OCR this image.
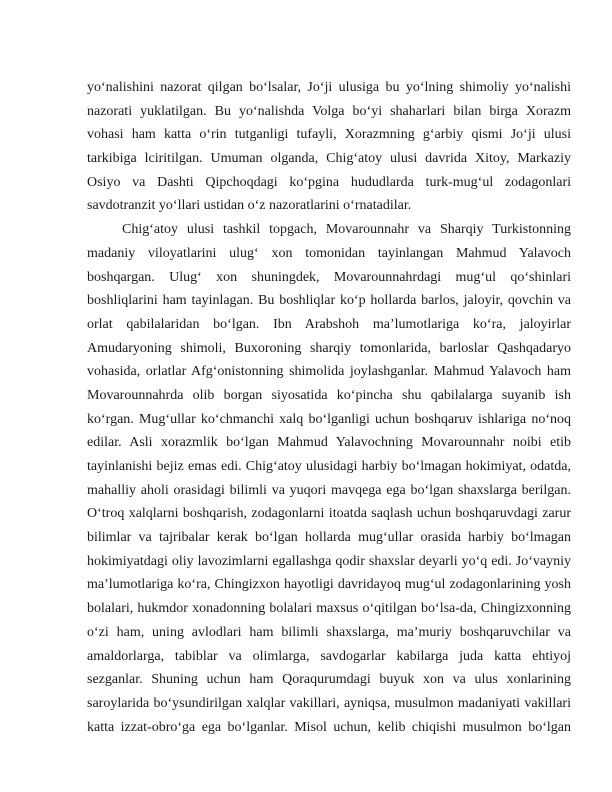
yo‘nalishini nazorat qilgan bo‘lsalar, Jo‘ji ulusiga bu yo‘lning shimoliy yo‘nalishi
nazorati yuklatilgan. Bu yo‘nalishda Volga bo‘yi shaharlari bilan birga Xorazm
vohasi ham katta o‘rin tutganligi tufayli, Xorazmning g‘arbiy qismi Jo‘ji ulusi
tarkibiga lciritilgan. Umuman olganda, Chig‘atoy ulusi davrida Xitoy, Markaziy
Osiyo va Dashti Qipchoqdagi ko‘pgina hududlarda turk-mug‘ul zodagonlari
savdotranzit yo‘llari ustidan o‘z nazoratlarini o‘rnatadilar.
Chig‘atoy ulusi tashkil topgach, Movarounnahr va Sharqiy Turkistonning
madaniy viloyatlarini ulug‘ xon tomonidan tayinlangan Mahmud Yalavoch
boshqargan. Ulug‘ xon shuningdek, Movarounnahrdagi mug‘ul qo‘shinlari
boshliqlarini ham tayinlagan. Bu boshliqlar ko‘p hollarda barlos, jaloyir, qovchin va
orlat qabilalaridan bo‘lgan. Ibn Arabshoh ma’lumotlariga ko‘ra, jaloyirlar
Amudaryoning shimoli, Buxoroning sharqiy tomonlarida, barloslar Qashqadaryo
vohasida, orlatlar Afg‘onistonning shimolida joylashganlar. Mahmud Yalavoch ham
Movarounnahrda olib borgan siyosatida ko‘pincha shu qabilalarga suyanib ish
ko‘rgan. Mug‘ullar ko‘chmanchi xalq bo‘lganligi uchun boshqaruv ishlariga no‘noq
edilar. Asli xorazmlik bo‘lgan Mahmud Yalavochning Movarounnahr noibi etib
tayinlanishi bejiz emas edi. Chig‘atoy ulusidagi harbiy bo‘lmagan hokimiyat, odatda,
mahalliy aholi orasidagi bilimli va yuqori mavqega ega bo‘lgan shaxslarga berilgan.
O‘troq xalqlarni boshqarish, zodagonlarni itoatda saqlash uchun boshqaruvdagi zarur
bilimlar va tajribalar kerak bo‘lgan hollarda mug‘ullar orasida harbiy bo‘lmagan
hokimiyatdagi oliy lavozimlarni egallashga qodir shaxslar deyarli yo‘q edi. Jo‘vayniy
ma’lumotlariga ko‘ra, Chingizxon hayotligi davridayoq mug‘ul zodagonlarining yosh
bolalari, hukmdor xonadonning bolalari maxsus o‘qitilgan bo‘lsa-da, Chingizxonning
o‘zi ham, uning avlodlari ham bilimli shaxslarga, ma’muriy boshqaruvchilar va
amaldorlarga, tabiblar va olimlarga, savdogarlar kabilarga juda katta ehtiyoj
sezganlar. Shuning uchun ham Qoraqurumdagi buyuk xon va ulus xonlarining
saroylarida bo‘ysundirilgan xalqlar vakillari, ayniqsa, musulmon madaniyati vakillari
katta izzat-obro‘ga ega bo‘lganlar. Misol uchun, kelib chiqishi musulmon bo‘lgan
